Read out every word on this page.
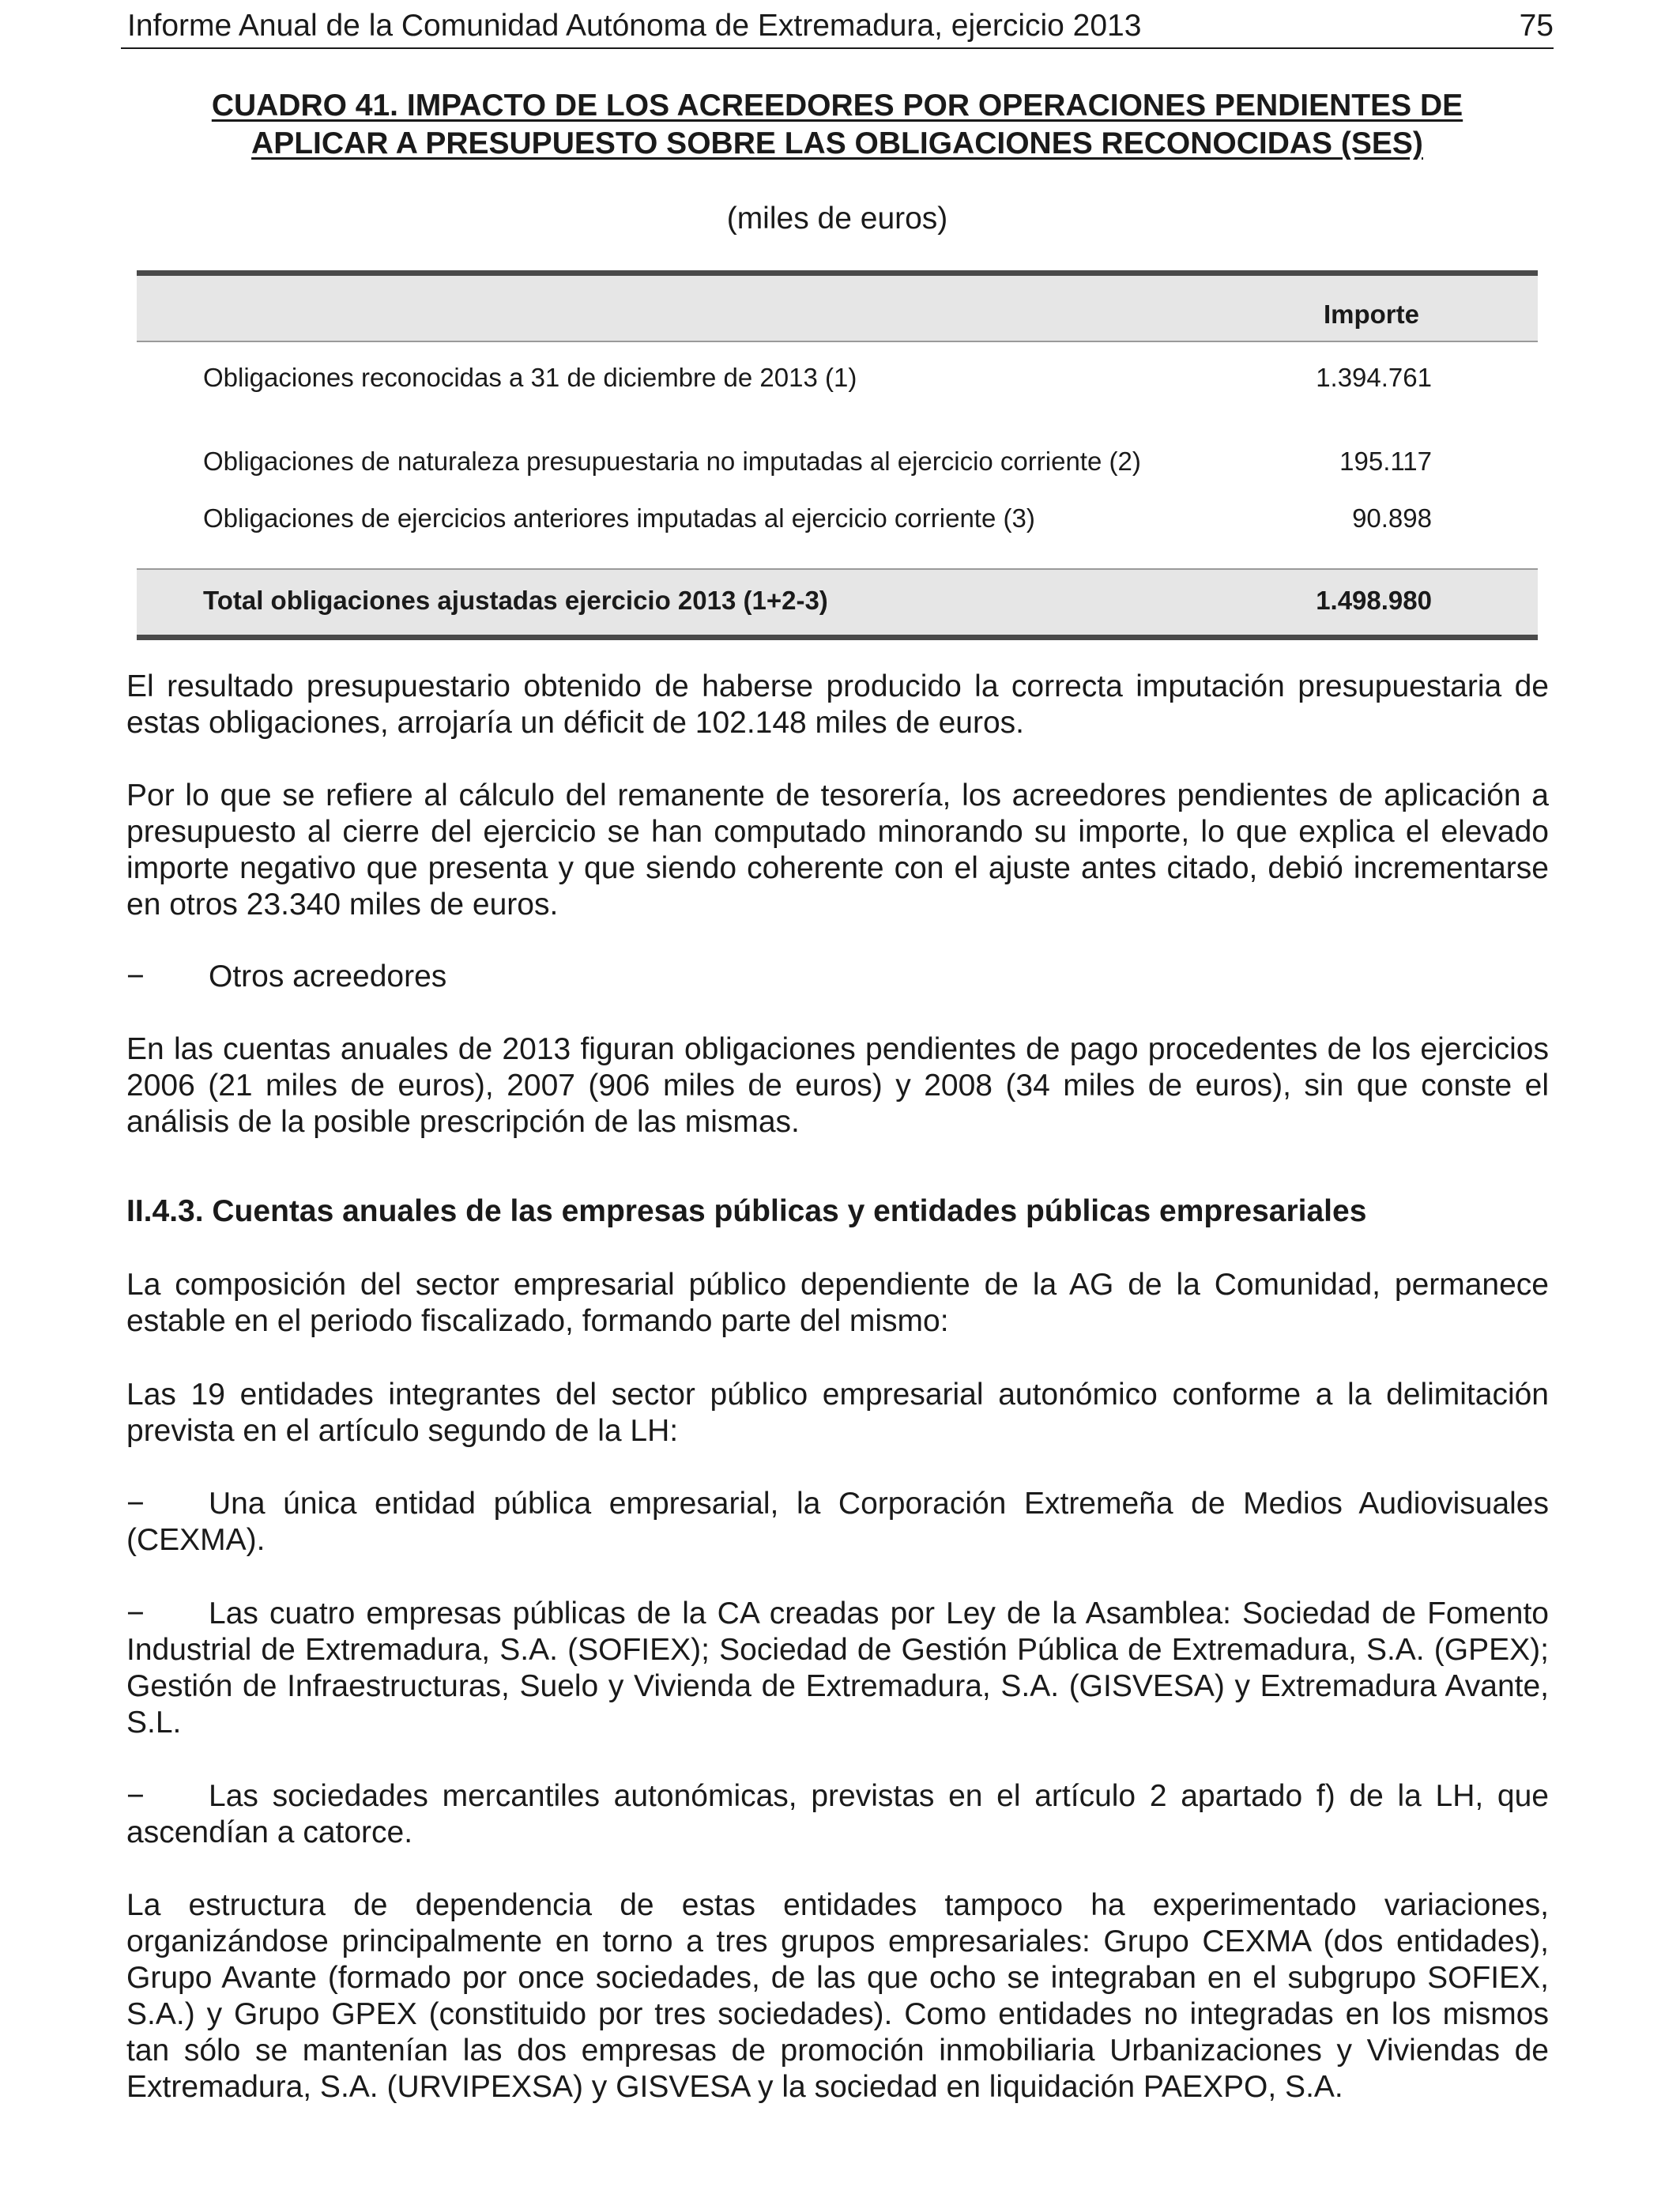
Informe Anual de la Comunidad Autónoma de Extremadura, ejercicio 2013	75
CUADRO 41. IMPACTO DE LOS ACREEDORES POR OPERACIONES PENDIENTES DE
APLICAR A PRESUPUESTO SOBRE LAS OBLIGACIONES RECONOCIDAS (SES)
(miles de euros)
Importe
Obligaciones reconocidas a 31 de diciembre de 2013 (1)	1.394.761
Obligaciones de naturaleza presupuestaria no imputadas al ejercicio corriente (2)	195.117
Obligaciones de ejercicios anteriores imputadas al ejercicio corriente (3)	90.898
Total obligaciones ajustadas ejercicio 2013 (1+2-3)	1.498.980

El resultado presupuestario obtenido de haberse producido la correcta imputación presupuestaria de estas obligaciones, arrojaría un déficit de 102.148 miles de euros.

Por lo que se refiere al cálculo del remanente de tesorería, los acreedores pendientes de aplicación a presupuesto al cierre del ejercicio se han computado minorando su importe, lo que explica el elevado importe negativo que presenta y que siendo coherente con el ajuste antes citado, debió incrementarse en otros 23.340 miles de euros.

− Otros acreedores

En las cuentas anuales de 2013 figuran obligaciones pendientes de pago procedentes de los ejercicios 2006 (21 miles de euros), 2007 (906 miles de euros) y 2008 (34 miles de euros), sin que conste el análisis de la posible prescripción de las mismas.

II.4.3. Cuentas anuales de las empresas públicas y entidades públicas empresariales

La composición del sector empresarial público dependiente de la AG de la Comunidad, permanece estable en el periodo fiscalizado, formando parte del mismo:

Las 19 entidades integrantes del sector público empresarial autonómico conforme a la delimitación prevista en el artículo segundo de la LH:

− Una única entidad pública empresarial, la Corporación Extremeña de Medios Audiovisuales (CEXMA).

− Las cuatro empresas públicas de la CA creadas por Ley de la Asamblea: Sociedad de Fomento Industrial de Extremadura, S.A. (SOFIEX); Sociedad de Gestión Pública de Extremadura, S.A. (GPEX); Gestión de Infraestructuras, Suelo y Vivienda de Extremadura, S.A. (GISVESA) y Extremadura Avante, S.L.

− Las sociedades mercantiles autonómicas, previstas en el artículo 2 apartado f) de la LH, que ascendían a catorce.

La estructura de dependencia de estas entidades tampoco ha experimentado variaciones, organizándose principalmente en torno a tres grupos empresariales: Grupo CEXMA (dos entidades), Grupo Avante (formado por once sociedades, de las que ocho se integraban en el subgrupo SOFIEX, S.A.) y Grupo GPEX (constituido por tres sociedades). Como entidades no integradas en los mismos tan sólo se mantenían las dos empresas de promoción inmobiliaria Urbanizaciones y Viviendas de Extremadura, S.A. (URVIPEXSA) y GISVESA y la sociedad en liquidación PAEXPO, S.A.
